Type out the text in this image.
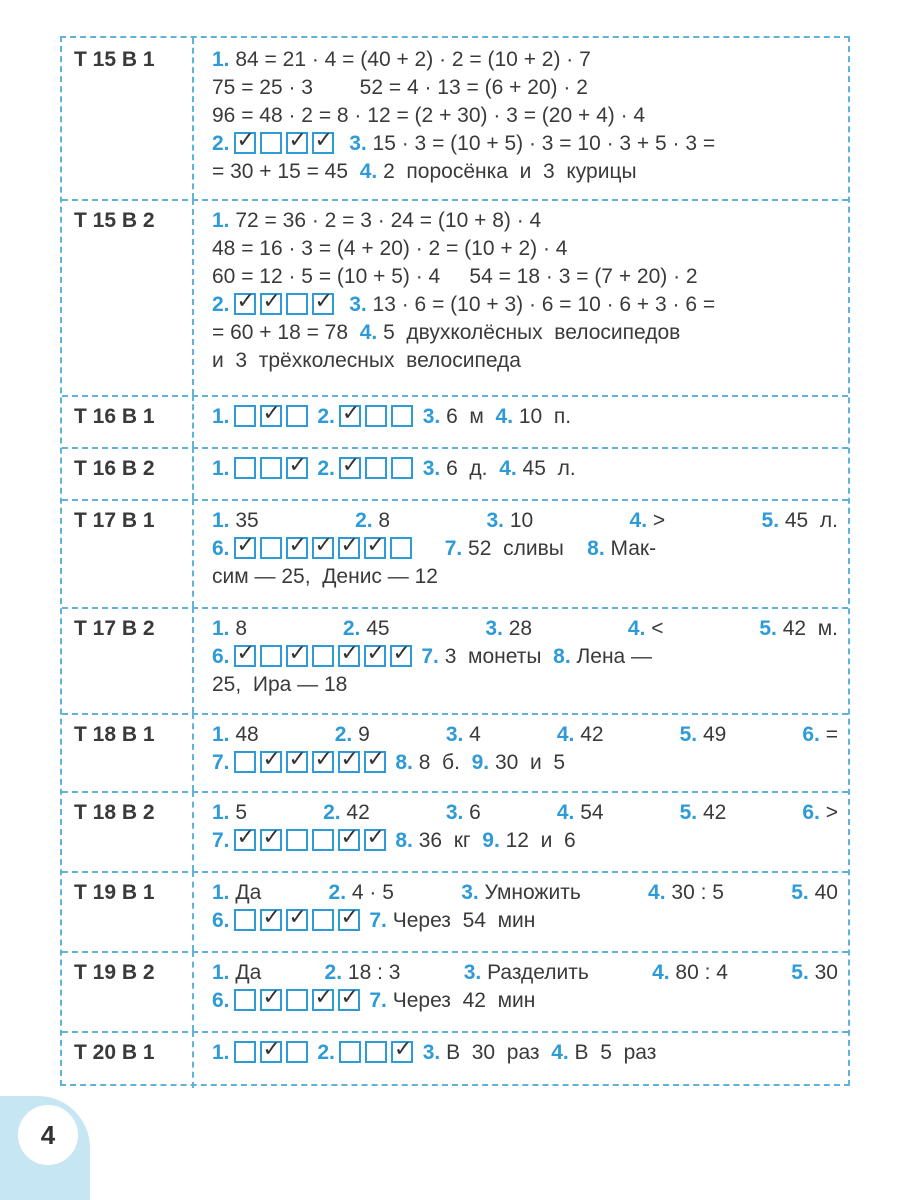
Т 15 В 1	1. 84 = 21 · 4 = (40 + 2) · 2 = (10 + 2) · 7
75 = 25 · 3        52 = 4 · 13 = (6 + 20) · 2
96 = 48 · 2 = 8 · 12 = (2 + 30) · 3 = (20 + 4) · 4
2. ✓ ✓ ✓	3. 15 · 3 = (10 + 5) · 3 = 10 · 3 + 5 · 3 =
= 30 + 15 = 45  4. 2  поросёнка  и  3  курицы
Т 15 В 2	1. 72 = 36 · 2 = 3 · 24 = (10 + 8) · 4
48 = 16 · 3 = (4 + 20) · 2 = (10 + 2) · 4
60 = 12 · 5 = (10 + 5) · 4     54 = 18 · 3 = (7 + 20) · 2
2. ✓ ✓ ✓	3. 13 · 6 = (10 + 3) · 6 = 10 · 6 + 3 · 6 =
= 60 + 18 = 78  4. 5  двухколёсных  велосипедов
и  3  трёхколесных  велосипеда
Т 16 В 1	1. ✓	2. ✓	3. 6  м  4. 10  п.
Т 16 В 2	1. ✓	2. ✓	3. 6  д.  4. 45  л.
Т 17 В 1	1. 35	2. 8	3. 10	4. >	5. 45  л.
6. ✓ ✓ ✓ ✓ ✓	7. 52  сливы    8. Мак-
сим — 25,  Денис — 12
Т 17 В 2	1. 8	2. 45	3. 28	4. <	5. 42  м.
6. ✓ ✓ ✓ ✓ ✓	7. 3  монеты  8. Лена —
25,  Ира — 18
Т 18 В 1	1. 48	2. 9	3. 4	4. 42	5. 49	6. =
7. ✓ ✓ ✓ ✓ ✓	8. 8  б.  9. 30  и  5
Т 18 В 2	1. 5	2. 42	3. 6	4. 54	5. 42	6. >
7. ✓ ✓ ✓ ✓	8. 36  кг  9. 12  и  6
Т 19 В 1	1. Да	2. 4 · 5	3. Умножить	4. 30 : 5	5. 40
6. ✓ ✓ ✓	7. Через  54  мин
Т 19 В 2	1. Да	2. 18 : 3	3. Разделить	4. 80 : 4	5. 30
6. ✓ ✓ ✓	7. Через  42  мин
Т 20 В 1	1. ✓	2. ✓	3. В  30  раз  4. В  5  раз
4
